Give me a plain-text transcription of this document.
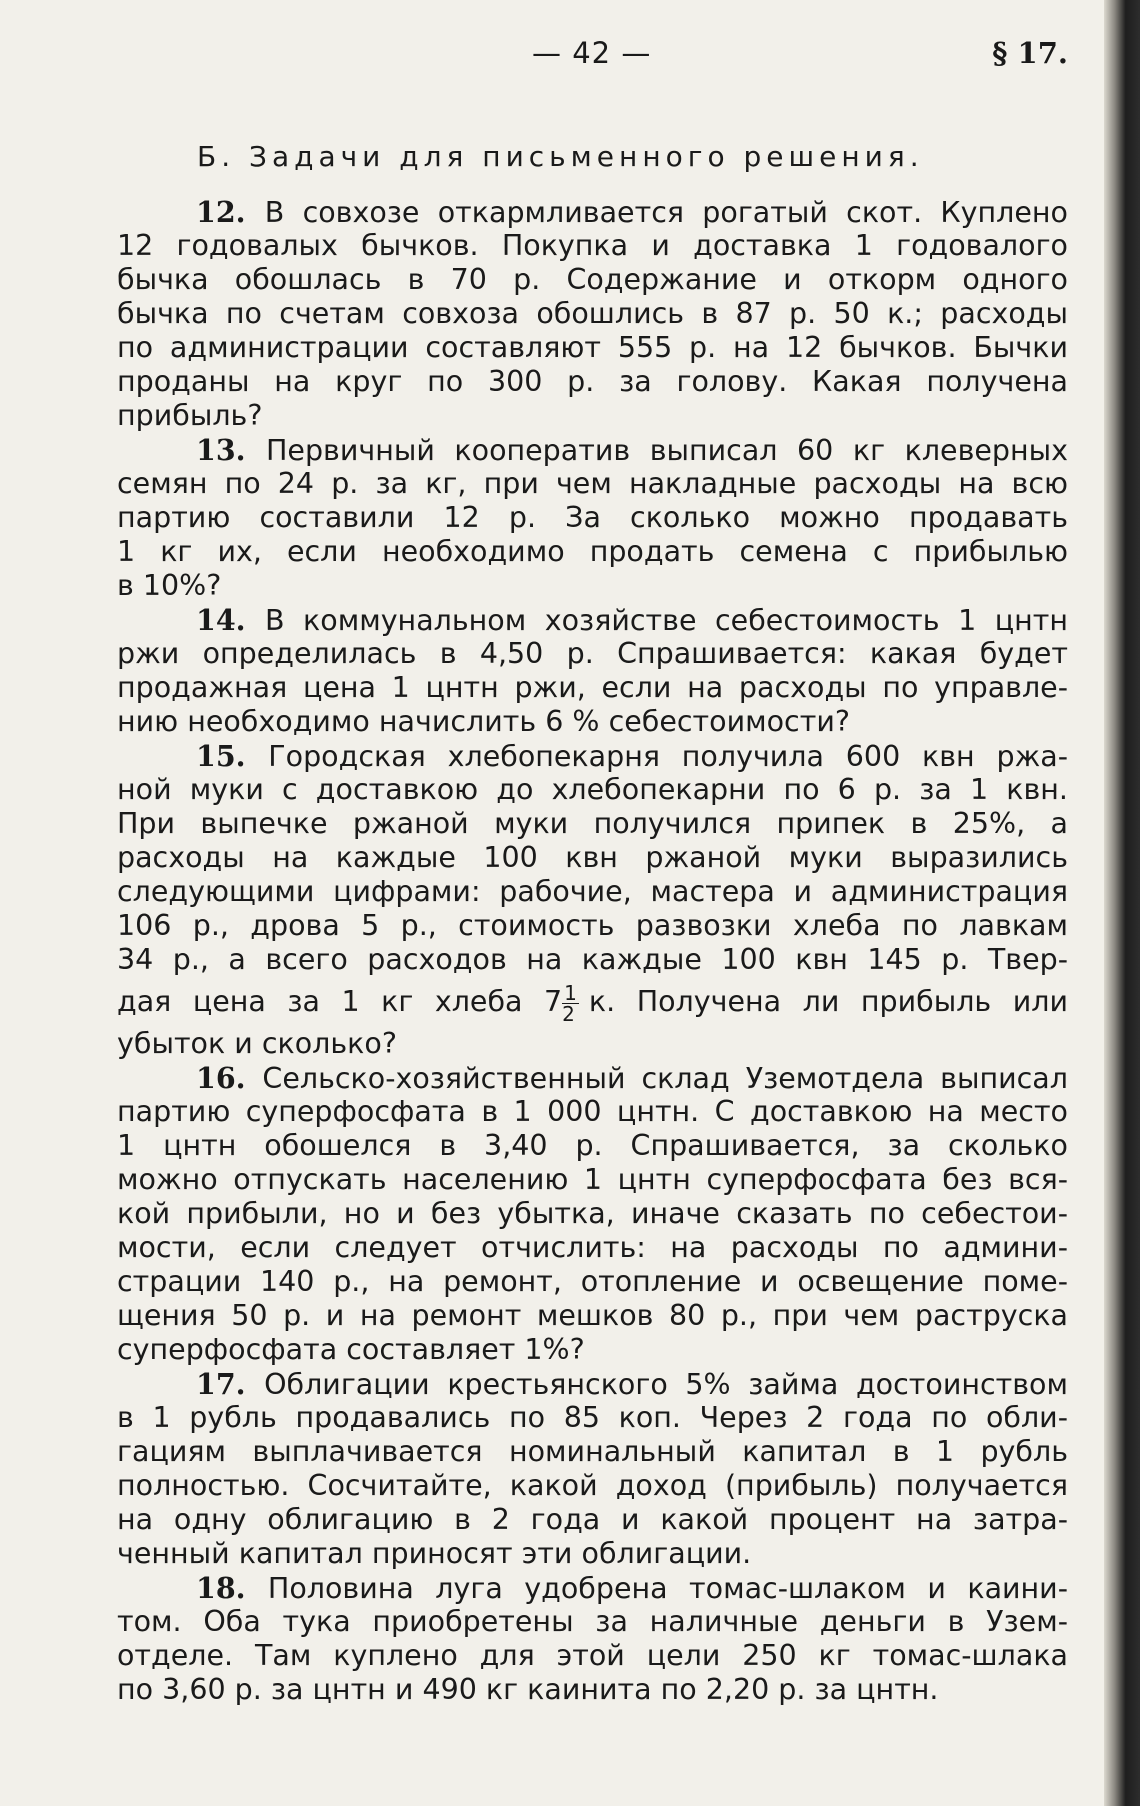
— 42 —	§ 17.
Б. Задачи для письменного решения.
12. В совхозе откармливается рогатый скот. Куплено
12 годовалых бычков. Покупка и доставка 1 годовалого
бычка обошлась в 70 р. Содержание и откорм одного
бычка по счетам совхоза обошлись в 87 р. 50 к.; расходы
по администрации составляют 555 р. на 12 бычков. Бычки
проданы на круг по 300 р. за голову. Какая получена
прибыль?
13. Первичный кооператив выписал 60 кг клеверных
семян по 24 р. за кг, при чем накладные расходы на всю
партию составили 12 р. За сколько можно продавать
1 кг их, если необходимо продать семена с прибылью
в 10%?
14. В коммунальном хозяйстве себестоимость 1 цнтн
ржи определилась в 4,50 р. Спрашивается: какая будет
продажная цена 1 цнтн ржи, если на расходы по управле-
нию необходимо начислить 6 % себестоимости?
15. Городская хлебопекарня получила 600 квн ржа-
ной муки с доставкою до хлебопекарни по 6 р. за 1 квн.
При выпечке ржаной муки получился припек в 25%, а
расходы на каждые 100 квн ржаной муки выразились
следующими цифрами: рабочие, мастера и администрация
106 р., дрова 5 р., стоимость развозки хлеба по лавкам
34 р., а всего расходов на каждые 100 квн 145 р. Твер-
дая цена за 1 кг хлеба $7 \frac{1}{2} к$. Получена ли прибыль или
убыток и сколько?
16. Сельско-хозяйственный склад Уземотдела выписал
партию суперфосфата в 1 000 цнтн. С доставкою на место
1 цнтн обошелся в 3,40 р. Спрашивается, за сколько
можно отпускать населению 1 цнтн суперфосфата без вся-
кой прибыли, но и без убытка, иначе сказать по себестои-
мости, если следует отчислить: на расходы по админи-
страции 140 р., на ремонт, отопление и освещение поме-
щения 50 р. и на ремонт мешков 80 р., при чем раструска
суперфосфата составляет 1%?
17. Облигации крестьянского 5% займа достоинством
в 1 рубль продавались по 85 коп. Через 2 года по обли-
гациям выплачивается номинальный капитал в 1 рубль
полностью. Сосчитайте, какой доход (прибыль) получается
на одну облигацию в 2 года и какой процент на затра-
ченный капитал приносят эти облигации.
18. Половина луга удобрена томас-шлаком и каини-
том. Оба тука приобретены за наличные деньги в Узем-
отделе. Там куплено для этой цели 250 кг томас-шлака
по 3,60 р. за цнтн и 490 кг каинита по 2,20 р. за цнтн.
